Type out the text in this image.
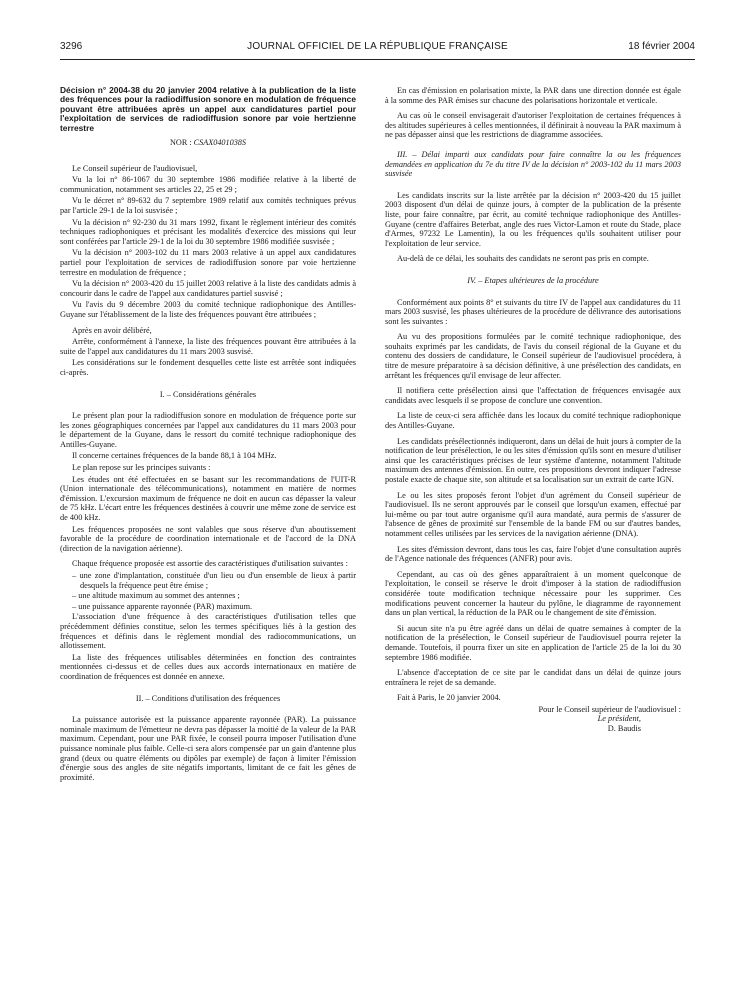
3296	JOURNAL OFFICIEL DE LA RÉPUBLIQUE FRANÇAISE	18 février 2004

Décision n° 2004-38 du 20 janvier 2004 relative à la publication de la liste des fréquences pour la radiodiffusion sonore en modulation de fréquence pouvant être attribuées après un appel aux candidatures partiel pour l'exploitation de services de radiodiffusion sonore par voie hertzienne terrestre

NOR : CSAX0401038S

Le Conseil supérieur de l'audiovisuel,

Vu la loi n° 86-1067 du 30 septembre 1986 modifiée relative à la liberté de communication, notamment ses articles 22, 25 et 29 ;

Vu le décret n° 89-632 du 7 septembre 1989 relatif aux comités techniques prévus par l'article 29-1 de la loi susvisée ;

Vu la décision n° 92-230 du 31 mars 1992, fixant le règlement intérieur des comités techniques radiophoniques et précisant les modalités d'exercice des missions qui leur sont conférées par l'article 29-1 de la loi du 30 septembre 1986 modifiée susvisée ;

Vu la décision n° 2003-102 du 11 mars 2003 relative à un appel aux candidatures partiel pour l'exploitation de services de radiodiffusion sonore par voie hertzienne terrestre en modulation de fréquence ;

Vu la décision n° 2003-420 du 15 juillet 2003 relative à la liste des candidats admis à concourir dans le cadre de l'appel aux candidatures partiel susvisé ;

Vu l'avis du 9 décembre 2003 du comité technique radiophonique des Antilles-Guyane sur l'établissement de la liste des fréquences pouvant être attribuées ;

Après en avoir délibéré,

Arrête, conformément à l'annexe, la liste des fréquences pouvant être attribuées à la suite de l'appel aux candidatures du 11 mars 2003 susvisé.

Les considérations sur le fondement desquelles cette liste est arrêtée sont indiquées ci-après.

I. – Considérations générales

Le présent plan pour la radiodiffusion sonore en modulation de fréquence porte sur les zones géographiques concernées par l'appel aux candidatures du 11 mars 2003 pour le département de la Guyane, dans le ressort du comité technique radiophonique des Antilles-Guyane.

Il concerne certaines fréquences de la bande 88,1 à 104 MHz.

Le plan repose sur les principes suivants :

Les études ont été effectuées en se basant sur les recommandations de l'UIT-R (Union internationale des télécommunications), notamment en matière de normes d'émission. L'excursion maximum de fréquence ne doit en aucun cas dépasser la valeur de 75 kHz. L'écart entre les fréquences destinées à couvrir une même zone de service est de 400 kHz.

Les fréquences proposées ne sont valables que sous réserve d'un aboutissement favorable de la procédure de coordination internationale et de l'accord de la DNA (direction de la navigation aérienne).

Chaque fréquence proposée est assortie des caractéristiques d'utilisation suivantes :

– une zone d'implantation, constituée d'un lieu ou d'un ensemble de lieux à partir desquels la fréquence peut être émise ;

– une altitude maximum au sommet des antennes ;

– une puissance apparente rayonnée (PAR) maximum.

L'association d'une fréquence à des caractéristiques d'utilisation telles que précédemment définies constitue, selon les termes spécifiques liés à la gestion des fréquences et définis dans le règlement mondial des radiocommunications, un allotissement.

La liste des fréquences utilisables déterminées en fonction des contraintes mentionnées ci-dessus et de celles dues aux accords internationaux en matière de coordination de fréquences est donnée en annexe.

II. – Conditions d'utilisation des fréquences

La puissance autorisée est la puissance apparente rayonnée (PAR). La puissance nominale maximum de l'émetteur ne devra pas dépasser la moitié de la valeur de la PAR maximum. Cependant, pour une PAR fixée, le conseil pourra imposer l'utilisation d'une puissance nominale plus faible. Celle-ci sera alors compensée par un gain d'antenne plus grand (deux ou quatre éléments ou dipôles par exemple) de façon à limiter l'émission d'énergie sous des angles de site négatifs importants, limitant de ce fait les gênes de proximité.

En cas d'émission en polarisation mixte, la PAR dans une direction donnée est égale à la somme des PAR émises sur chacune des polarisations horizontale et verticale.

Au cas où le conseil envisagerait d'autoriser l'exploitation de certaines fréquences à des altitudes supérieures à celles mentionnées, il définirait à nouveau la PAR maximum à ne pas dépasser ainsi que les restrictions de diagramme associées.

III. – Délai imparti aux candidats pour faire connaître la ou les fréquences demandées en application du 7e du titre IV de la décision n° 2003-102 du 11 mars 2003 susvisée

Les candidats inscrits sur la liste arrêtée par la décision n° 2003-420 du 15 juillet 2003 disposent d'un délai de quinze jours, à compter de la publication de la présente liste, pour faire connaître, par écrit, au comité technique radiophonique des Antilles-Guyane (centre d'affaires Beterbat, angle des rues Victor-Lamon et route du Stade, place d'Armes, 97232 Le Lamentin), la ou les fréquences qu'ils souhaitent utiliser pour l'exploitation de leur service.

Au-delà de ce délai, les souhaits des candidats ne seront pas pris en compte.

IV. – Etapes ultérieures de la procédure

Conformément aux points 8° et suivants du titre IV de l'appel aux candidatures du 11 mars 2003 susvisé, les phases ultérieures de la procédure de délivrance des autorisations sont les suivantes :

Au vu des propositions formulées par le comité technique radiophonique, des souhaits exprimés par les candidats, de l'avis du conseil régional de la Guyane et du contenu des dossiers de candidature, le Conseil supérieur de l'audiovisuel procédera, à titre de mesure préparatoire à sa décision définitive, à une présélection des candidats, en arrêtant les fréquences qu'il envisage de leur affecter.

Il notifiera cette présélection ainsi que l'affectation de fréquences envisagée aux candidats avec lesquels il se propose de conclure une convention.

La liste de ceux-ci sera affichée dans les locaux du comité technique radiophonique des Antilles-Guyane.

Les candidats présélectionnés indiqueront, dans un délai de huit jours à compter de la notification de leur présélection, le ou les sites d'émission qu'ils sont en mesure d'utiliser ainsi que les caractéristiques précises de leur système d'antenne, notamment l'altitude maximum des antennes d'émission. En outre, ces propositions devront indiquer l'adresse postale exacte de chaque site, son altitude et sa localisation sur un extrait de carte IGN.

Le ou les sites proposés feront l'objet d'un agrément du Conseil supérieur de l'audiovisuel. Ils ne seront approuvés par le conseil que lorsqu'un examen, effectué par lui-même ou par tout autre organisme qu'il aura mandaté, aura permis de s'assurer de l'absence de gênes de proximité sur l'ensemble de la bande FM ou sur d'autres bandes, notamment celles utilisées par les services de la navigation aérienne (DNA).

Les sites d'émission devront, dans tous les cas, faire l'objet d'une consultation auprès de l'Agence nationale des fréquences (ANFR) pour avis.

Cependant, au cas où des gênes apparaîtraient à un moment quelconque de l'exploitation, le conseil se réserve le droit d'imposer à la station de radiodiffusion considérée toute modification technique nécessaire pour les supprimer. Ces modifications peuvent concerner la hauteur du pylône, le diagramme de rayonnement dans un plan vertical, la réduction de la PAR ou le changement de site d'émission.

Si aucun site n'a pu être agréé dans un délai de quatre semaines à compter de la notification de la présélection, le Conseil supérieur de l'audiovisuel pourra rejeter la demande. Toutefois, il pourra fixer un site en application de l'article 25 de la loi du 30 septembre 1986 modifiée.

L'absence d'acceptation de ce site par le candidat dans un délai de quinze jours entraînera le rejet de sa demande.

Fait à Paris, le 20 janvier 2004.

Pour le Conseil supérieur de l'audiovisuel :

Le président,

D. Baudis
